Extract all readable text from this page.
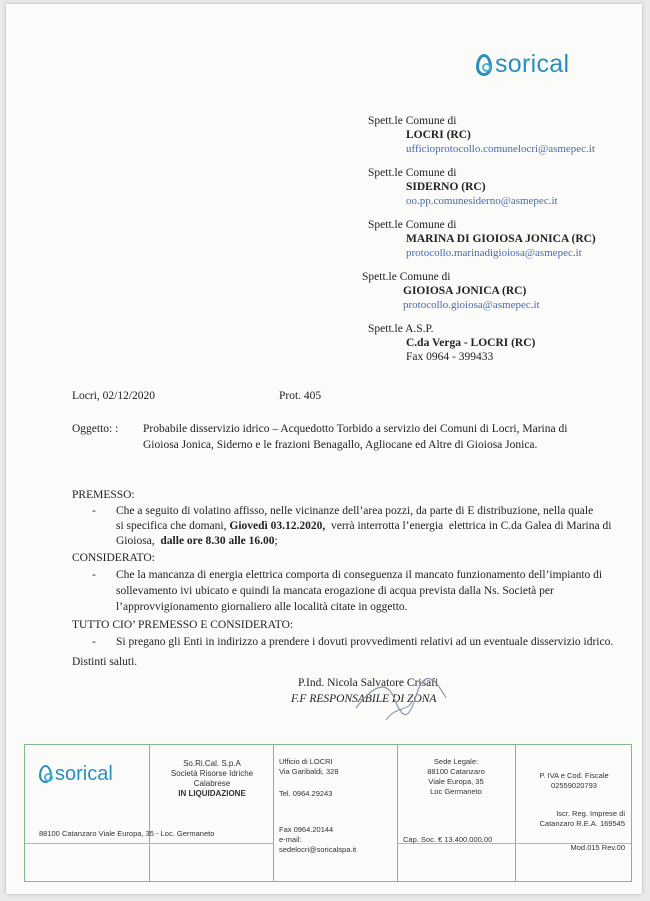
sorical
Spett.le Comune di
LOCRI (RC)
ufficioprotocollo.comunelocri@asmepec.it
Spett.le Comune di
SIDERNO (RC)
oo.pp.comunesiderno@asmepec.it
Spett.le Comune di
MARINA DI GIOIOSA JONICA (RC)
protocollo.marinadigioiosa@asmepec.it
Spett.le Comune di
GIOIOSA JONICA (RC)
protocollo.gioiosa@asmepec.it
Spett.le A.S.P.
C.da Verga - LOCRI (RC)
Fax 0964 - 399433
Locri, 02/12/2020	Prot. 405
Oggetto: : Probabile disservizio idrico – Acquedotto Torbido a servizio dei Comuni di Locri, Marina di
Gioiosa Jonica, Siderno e le frazioni Benagallo, Agliocane ed Altre di Gioiosa Jonica.
PREMESSO:
- Che a seguito di volatino affisso, nelle vicinanze dell’area pozzi, da parte di E distribuzione, nella quale
si specifica che domani, Giovedì 03.12.2020,  verrà interrotta l’energia  elettrica in C.da Galea di Marina di
Gioiosa,  dalle ore 8.30 alle 16.00;
CONSIDERATO:
- Che la mancanza di energia elettrica comporta di conseguenza il mancato funzionamento dell’impianto di
sollevamento ivi ubicato e quindi la mancata erogazione di acqua prevista dalla Ns. Società per
l’approvvigionamento giornaliero alle località citate in oggetto.
TUTTO CIO’ PREMESSO E CONSIDERATO:
- Si pregano gli Enti in indirizzo a prendere i dovuti provvedimenti relativi ad un eventuale disservizio idrico.
Distinti saluti.
P.Ind. Nicola Salvatore Crisafi
F.F RESPONSABILE DI ZONA
sorical	So.Ri.Cal. S.p.A
Società Risorse Idriche
Calabrese
IN LIQUIDAZIONE
Ufficio di LOCRI
Via Garibaldi, 328
Tel. 0964.29243
Fax 0964.20144
e-mail:
sedelocri@soricalspa.it
Sede Legale:
88100 Catanzaro
Viale Europa, 35
Loc Germaneto
P. IVA e Cod. Fiscale
02559020793
88100 Catanzaro Viale Europa, 35 - Loc. Germaneto
Cap. Soc. € 13.400.000,00
Iscr. Reg. Imprese di
Catanzaro R.E.A. 169545
Mod.015 Rev.00
